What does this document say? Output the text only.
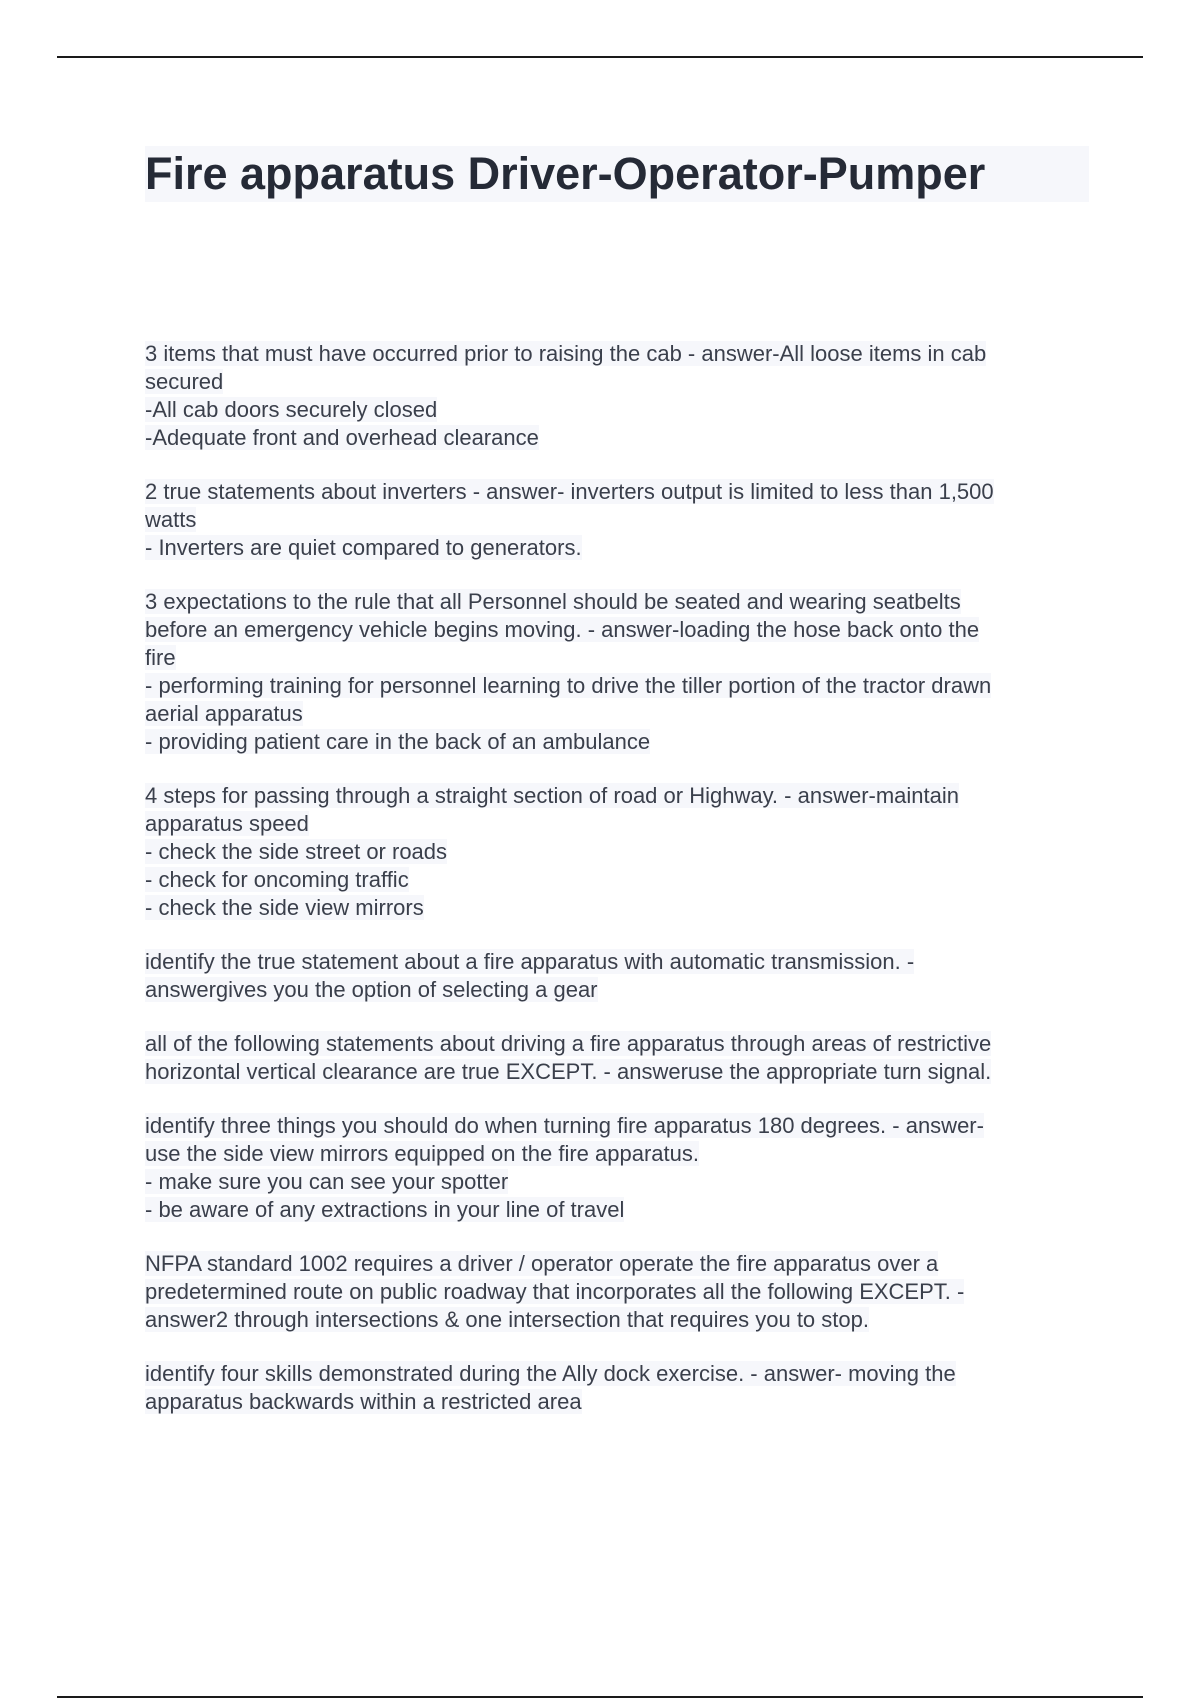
Fire apparatus Driver-Operator-Pumper
3 items that must have occurred prior to raising the cab - answer-All loose items in cab
secured
-All cab doors securely closed
-Adequate front and overhead clearance
2 true statements about inverters - answer- inverters output is limited to less than 1,500
watts
- Inverters are quiet compared to generators.
3 expectations to the rule that all Personnel should be seated and wearing seatbelts
before an emergency vehicle begins moving. - answer-loading the hose back onto the
fire
- performing training for personnel learning to drive the tiller portion of the tractor drawn
aerial apparatus
- providing patient care in the back of an ambulance
4 steps for passing through a straight section of road or Highway. - answer-maintain
apparatus speed
- check the side street or roads
- check for oncoming traffic
- check the side view mirrors
identify the true statement about a fire apparatus with automatic transmission. -
answergives you the option of selecting a gear
all of the following statements about driving a fire apparatus through areas of restrictive
horizontal vertical clearance are true EXCEPT. - answeruse the appropriate turn signal.
identify three things you should do when turning fire apparatus 180 degrees. - answer-
use the side view mirrors equipped on the fire apparatus.
- make sure you can see your spotter
- be aware of any extractions in your line of travel
NFPA standard 1002 requires a driver / operator operate the fire apparatus over a
predetermined route on public roadway that incorporates all the following EXCEPT. -
answer2 through intersections & one intersection that requires you to stop.
identify four skills demonstrated during the Ally dock exercise. - answer- moving the
apparatus backwards within a restricted area
